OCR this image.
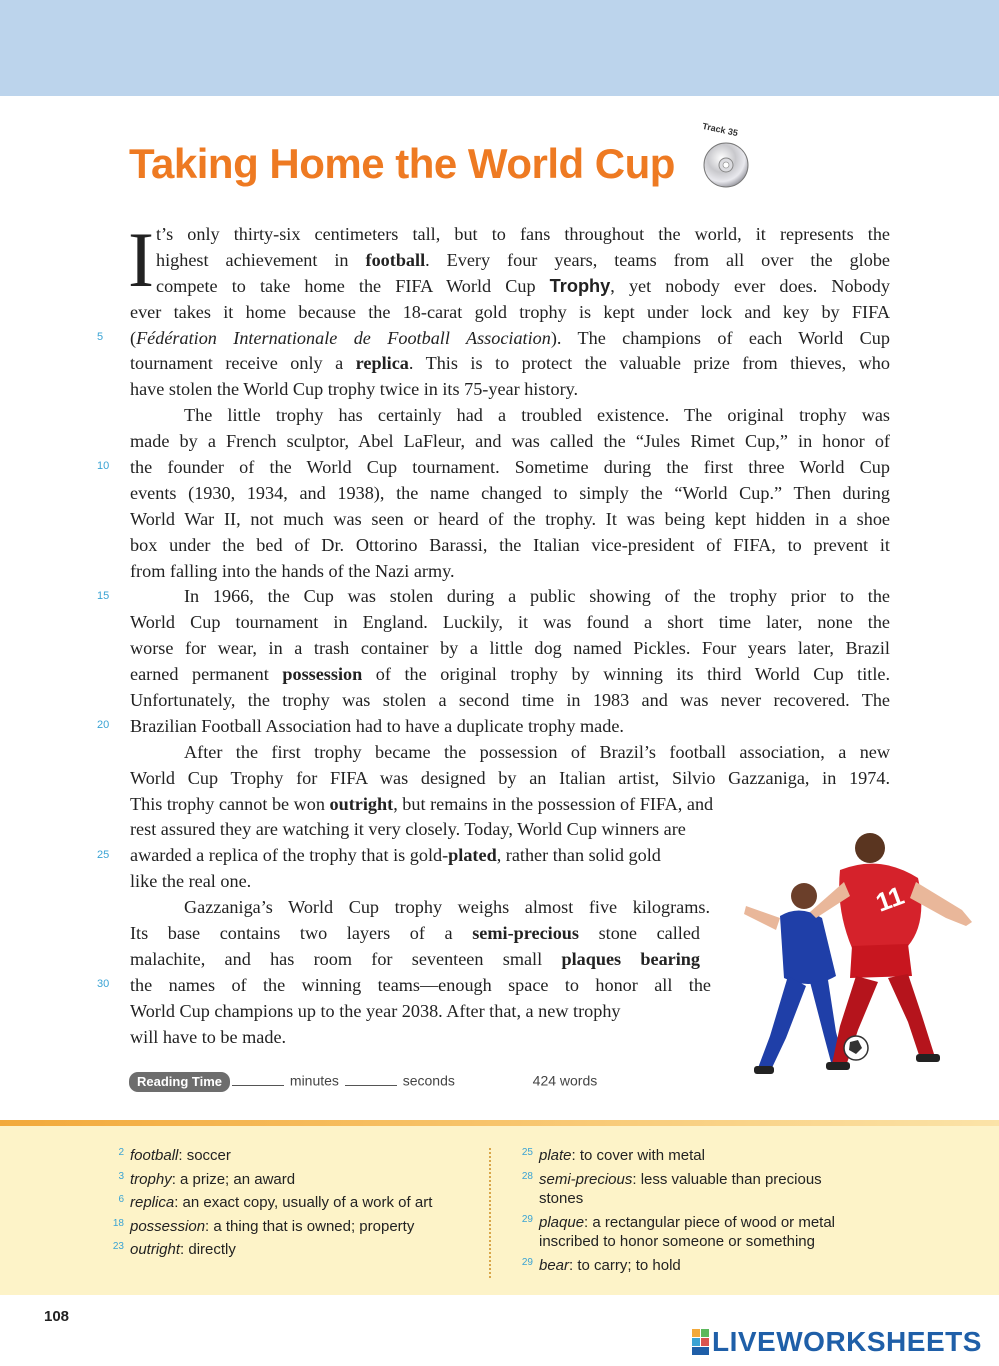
Taking Home the World Cup
Track 35
5
10
15
20
25
30
I t’s only thirty-six centimeters tall, but to fans throughout the world, it represents the
highest achievement in football. Every four years, teams from all over the globe
compete to take home the FIFA World Cup Trophy, yet nobody ever does. Nobody
ever takes it home because the 18-carat gold trophy is kept under lock and key by FIFA
(Fédération Internationale de Football Association). The champions of each World Cup
tournament receive only a replica. This is to protect the valuable prize from thieves, who
have stolen the World Cup trophy twice in its 75-year history.
The little trophy has certainly had a troubled existence. The original trophy was
made by a French sculptor, Abel LaFleur, and was called the “Jules Rimet Cup,” in honor of
the founder of the World Cup tournament. Sometime during the first three World Cup
events (1930, 1934, and 1938), the name changed to simply the “World Cup.” Then during
World War II, not much was seen or heard of the trophy. It was being kept hidden in a shoe
box under the bed of Dr. Ottorino Barassi, the Italian vice-president of FIFA, to prevent it
from falling into the hands of the Nazi army.
In 1966, the Cup was stolen during a public showing of the trophy prior to the
World Cup tournament in England. Luckily, it was found a short time later, none the
worse for wear, in a trash container by a little dog named Pickles. Four years later, Brazil
earned permanent possession of the original trophy by winning its third World Cup title.
Unfortunately, the trophy was stolen a second time in 1983 and was never recovered. The
Brazilian Football Association had to have a duplicate trophy made.
After the first trophy became the possession of Brazil’s football association, a new
World Cup Trophy for FIFA was designed by an Italian artist, Silvio Gazzaniga, in 1974.
This trophy cannot be won outright, but remains in the possession of FIFA, and
rest assured they are watching it very closely. Today, World Cup winners are
awarded a replica of the trophy that is gold-plated, rather than solid gold
like the real one.
Gazzaniga’s World Cup trophy weighs almost five kilograms.
Its base contains two layers of a semi-precious stone called
malachite, and has room for seventeen small plaques bearing
the names of the winning teams—enough space to honor all the
World Cup champions up to the year 2038. After that, a new trophy
will have to be made.
11
Reading Time	minutes	seconds	424 words
2 football: soccer
3 trophy: a prize; an award
6 replica: an exact copy, usually of a work of art
18 possession: a thing that is owned; property
23 outright: directly
25 plate: to cover with metal
28 semi-precious: less valuable than precious
stones
29 plaque: a rectangular piece of wood or metal
inscribed to honor someone or something
29 bear: to carry; to hold
108
LIVEWORKSHEETS
